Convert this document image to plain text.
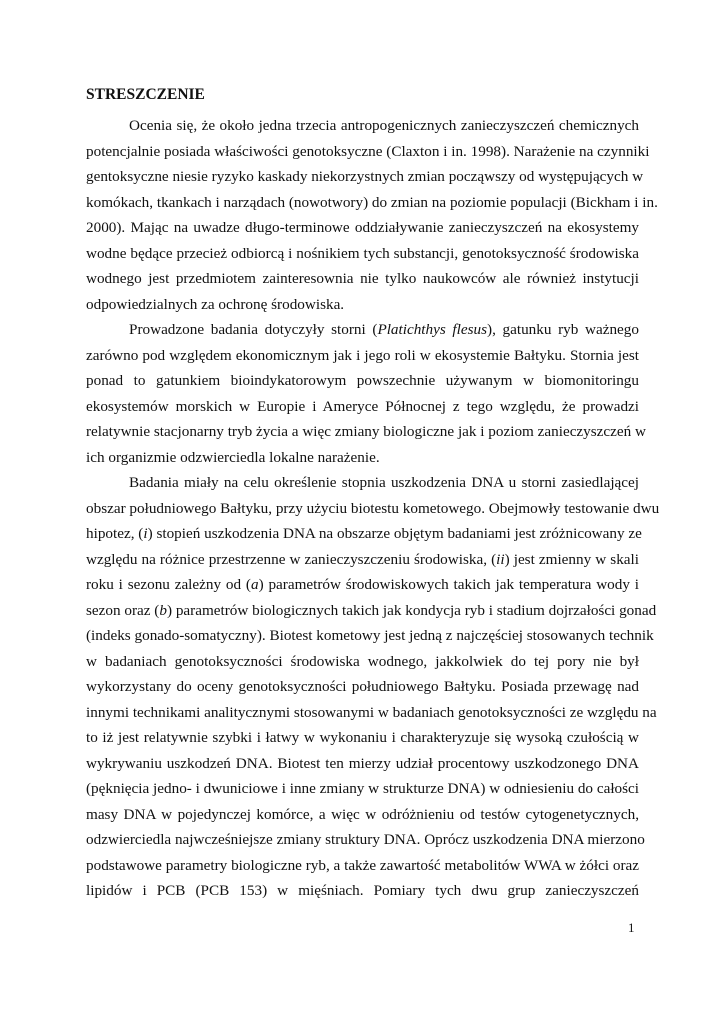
STRESZCZENIE
Ocenia się, że około jedna trzecia antropogenicznych zanieczyszczeń chemicznych
potencjalnie posiada właściwości genotoksyczne (Claxton i in. 1998). Narażenie na czynniki
gentoksyczne niesie ryzyko kaskady niekorzystnych zmian począwszy od występujących w
komókach, tkankach i narządach (nowotwory) do zmian na poziomie populacji (Bickham i in.
2000). Mając na uwadze długo-terminowe oddziaływanie zanieczyszczeń na ekosystemy
wodne będące przecież odbiorcą i nośnikiem tych substancji, genotoksyczność środowiska
wodnego jest przedmiotem zainteresownia nie tylko naukowców ale również instytucji
odpowiedzialnych za ochronę środowiska.
Prowadzone badania dotyczyły storni (Platichthys flesus), gatunku ryb ważnego
zarówno pod względem ekonomicznym jak i jego roli w ekosystemie Bałtyku. Stornia jest
ponad to gatunkiem bioindykatorowym powszechnie używanym w biomonitoringu
ekosystemów morskich w Europie i Ameryce Północnej z tego względu, że prowadzi
relatywnie stacjonarny tryb życia a więc zmiany biologiczne jak i poziom zanieczyszczeń w
ich organizmie odzwierciedla lokalne narażenie.
Badania miały na celu określenie stopnia uszkodzenia DNA u storni zasiedlającej
obszar południowego Bałtyku, przy użyciu biotestu kometowego. Obejmowły testowanie dwu
hipotez, (i) stopień uszkodzenia DNA na obszarze objętym badaniami jest zróżnicowany ze
względu na różnice przestrzenne w zanieczyszczeniu środowiska, (ii) jest zmienny w skali
roku i sezonu zależny od (a) parametrów środowiskowych takich jak temperatura wody i
sezon oraz (b) parametrów biologicznych takich jak kondycja ryb i stadium dojrzałości gonad
(indeks gonado-somatyczny). Biotest kometowy jest jedną z najczęściej stosowanych technik
w badaniach genotoksyczności środowiska wodnego, jakkolwiek do tej pory nie był
wykorzystany do oceny genotoksyczności południowego Bałtyku. Posiada przewagę nad
innymi technikami analitycznymi stosowanymi w badaniach genotoksyczności ze względu na
to iż jest relatywnie szybki i łatwy w wykonaniu i charakteryzuje się wysoką czułością w
wykrywaniu uszkodzeń DNA. Biotest ten mierzy udział procentowy uszkodzonego DNA
(pęknięcia jedno- i dwuniciowe i inne zmiany w strukturze DNA) w odniesieniu do całości
masy DNA w pojedynczej komórce, a więc w odróżnieniu od testów cytogenetycznych,
odzwierciedla najwcześniejsze zmiany struktury DNA. Oprócz uszkodzenia DNA mierzono
podstawowe parametry biologiczne ryb, a także zawartość metabolitów WWA w żółci oraz
lipidów i PCB (PCB 153) w mięśniach. Pomiary tych dwu grup zanieczyszczeń
1
